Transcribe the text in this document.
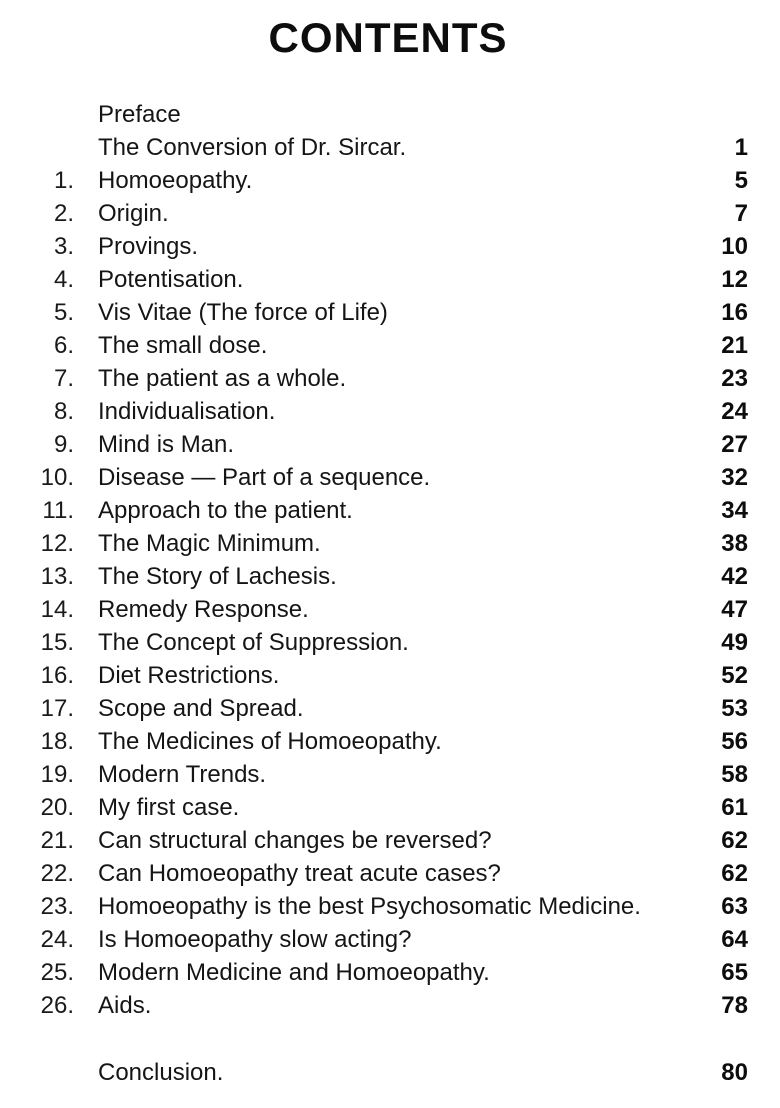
CONTENTS
Preface
The Conversion of Dr. Sircar.	1
1.	Homoeopathy.	5
2.	Origin.	7
3.	Provings.	10
4.	Potentisation.	12
5.	Vis Vitae (The force of Life)	16
6.	The small dose.	21
7.	The patient as a whole.	23
8.	Individualisation.	24
9.	Mind is Man.	27
10.	Disease — Part of a sequence.	32
11.	Approach to the patient.	34
12.	The Magic Minimum.	38
13.	The Story of Lachesis.	42
14.	Remedy Response.	47
15.	The Concept of Suppression.	49
16.	Diet Restrictions.	52
17.	Scope and Spread.	53
18.	The Medicines of Homoeopathy.	56
19.	Modern Trends.	58
20.	My first case.	61
21.	Can structural changes be reversed?	62
22.	Can Homoeopathy treat acute cases?	62
23.	Homoeopathy is the best Psychosomatic Medicine.	63
24.	Is Homoeopathy slow acting?	64
25.	Modern Medicine and Homoeopathy.	65
26.	Aids.	78
Conclusion.	80
